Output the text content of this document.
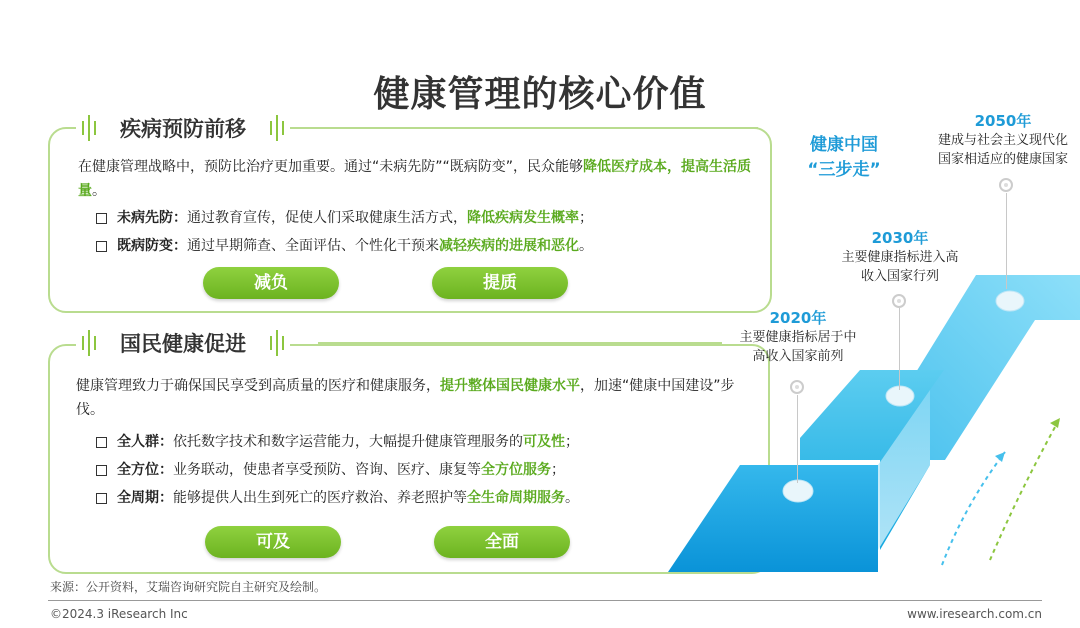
健康管理的核心价值
疾病预防前移

在健康管理战略中，预防比治疗更加重要。通过“未病先防”“既病防变”，民众能够降低医疗成本，提高生活质量。

未病先防： 通过教育宣传，促使人们采取健康生活方式， 降低疾病发生概率 ；
既病防变： 通过早期筛查、全面评估、个性化干预来 减轻疾病的进展和恶化 。
减负	提质
国民健康促进

健康管理致力于确保国民享受到高质量的医疗和健康服务，提升整体国民健康水平，加速“健康中国建设”步伐。

全人群： 依托数字技术和数字运营能力，大幅提升健康管理服务的 可及性 ；
全方位： 业务联动，使患者享受预防、咨询、医疗、康复等 全方位服务 ；
全周期： 能够提供人出生到死亡的医疗救治、养老照护等 全生命周期服务 。
可及	全面
健康中国
“三步走”
2020年
主要健康指标居于中
高收入国家前列
2030年
主要健康指标进入高
收入国家行列
2050年
建成与社会主义现代化
国家相适应的健康国家
来源：公开资料，艾瑞咨询研究院自主研究及绘制。
©2024.3 iResearch Inc	www.iresearch.com.cn
